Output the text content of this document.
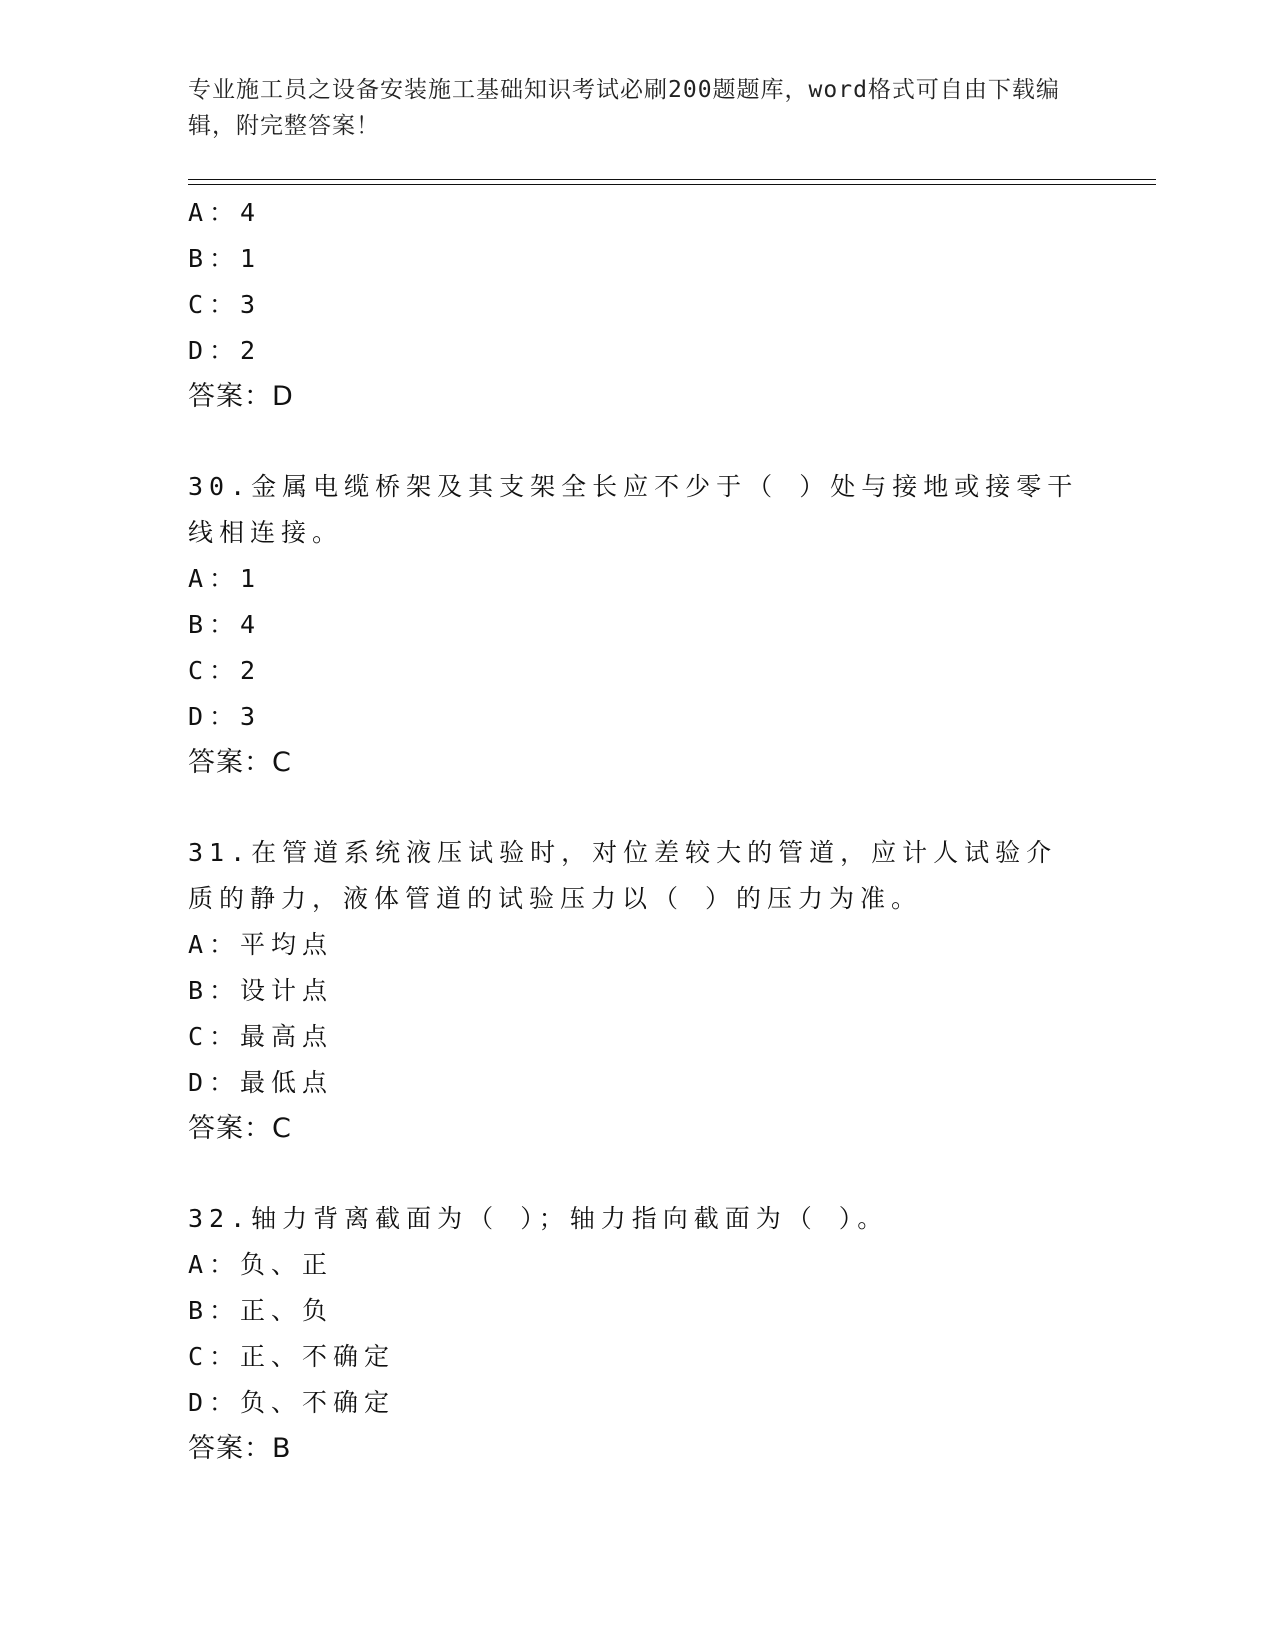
专业施工员之设备安装施工基础知识考试必刷200题题库，word格式可自由下载编辑，附完整答案！
A：4
B：1
C：3
D：2
答案：D
30.金属电缆桥架及其支架全长应不少于（ ）处与接地或接零干线相连接。
A：1
B：4
C：2
D：3
答案：C
31.在管道系统液压试验时，对位差较大的管道，应计人试验介质的静力，液体管道的试验压力以（ ）的压力为准。
A：平均点
B：设计点
C：最高点
D：最低点
答案：C
32.轴力背离截面为（ ）；轴力指向截面为（ ）。
A：负、正
B：正、负
C：正、不确定
D：负、不确定
答案：B
